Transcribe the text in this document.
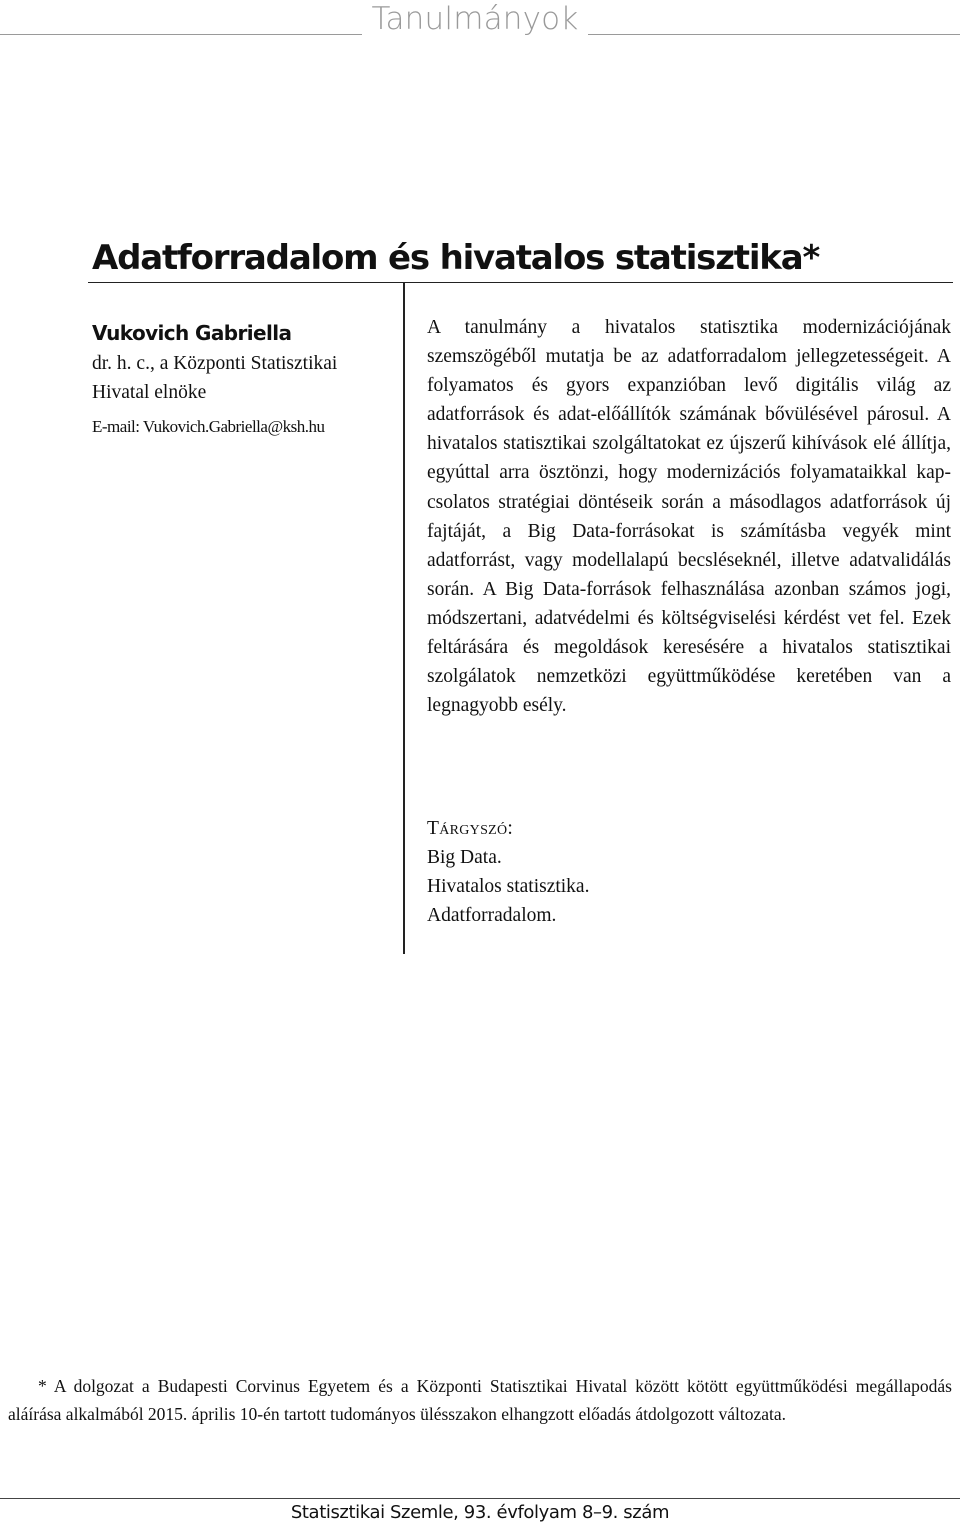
Tanulmányok
Adatforradalom és hivatalos statisztika*

Vukovich Gabriella

dr. h. c., a Központi Statisztikai Hivatal elnöke

E-mail: Vukovich.Gabriella@ksh.hu

A tanulmány a hivatalos statisztika modernizációjának szemszögéből mutatja be az adatforradalom jellegzetességeit. A folyamatos és gyors expanzióban levő digitális világ az adatforrások és adat-előállítók számának bővülésével párosul. A hivatalos statisztikai szolgáltatokat ez újszerű kihívások elé állítja, egyúttal arra ösztönzi, hogy modernizációs folyamataikkal kapcsolatos stratégiai döntéseik során a másodlagos adatforrások új fajtáját, a Big Data-forrásokat is számításba vegyék mint adatforrást, vagy modellalapú becsléseknél, illetve adatvalidálás során. A Big Data-források felhasználása azonban számos jogi, módszertani, adatvédelmi és költségviselési kérdést vet fel. Ezek feltárására és megoldások keresésére a hivatalos statisztikai szolgálatok nemzetközi együttműködése keretében van a legnagyobb esély.

Tárgyszó:

Big Data.

Hivatalos statisztika.

Adatforradalom.

* A dolgozat a Budapesti Corvinus Egyetem és a Központi Statisztikai Hivatal között kötött együttműködési megállapodás aláírása alkalmából 2015. április 10-én tartott tudományos ülésszakon elhangzott előadás átdolgozott változata.

Statisztikai Szemle, 93. évfolyam 8–9. szám
